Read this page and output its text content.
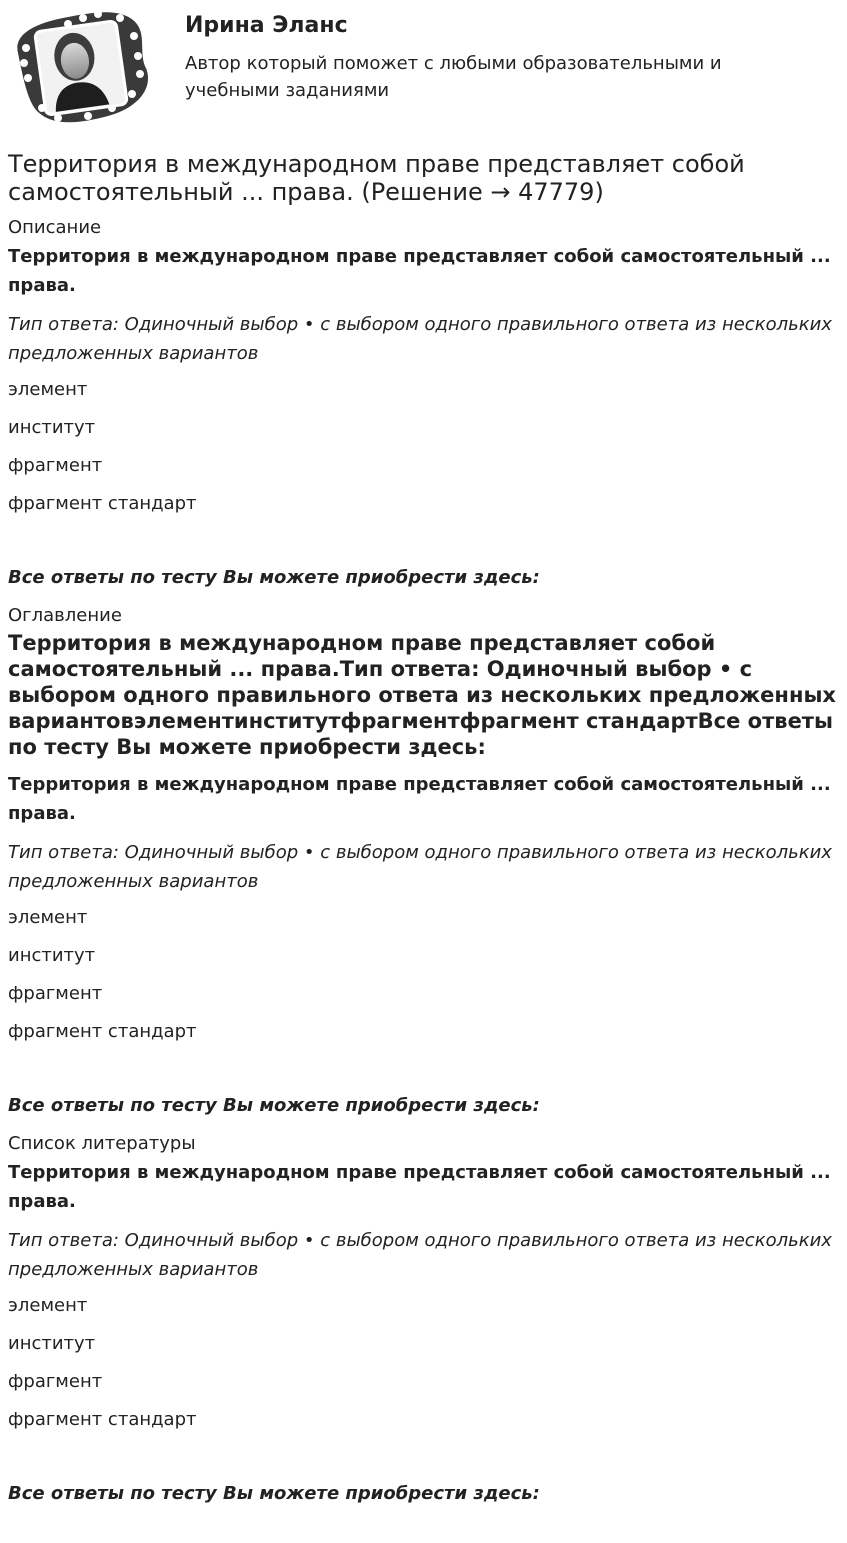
Ирина Эланс

Автор который поможет с любыми образовательными и учебными заданиями

Территория в международном праве представляет собой самостоятельный ... права. (Решение → 47779)

Описание

Территория в международном праве представляет собой самостоятельный ... права.

Тип ответа: Одиночный выбор • с выбором одного правильного ответа из нескольких предложенных вариантов

элемент

институт

фрагмент

фрагмент стандарт

Все ответы по тесту Вы можете приобрести здесь:

Оглавление

Территория в международном праве представляет собой самостоятельный ... права.Тип ответа: Одиночный выбор • с выбором одного правильного ответа из нескольких предложенных вариантовэлементинститутфрагментфрагмент стандартВсе ответы по тесту Вы можете приобрести здесь:

Территория в международном праве представляет собой самостоятельный ... права.

Тип ответа: Одиночный выбор • с выбором одного правильного ответа из нескольких предложенных вариантов

элемент

институт

фрагмент

фрагмент стандарт

Все ответы по тесту Вы можете приобрести здесь:

Список литературы

Территория в международном праве представляет собой самостоятельный ... права.

Тип ответа: Одиночный выбор • с выбором одного правильного ответа из нескольких предложенных вариантов

элемент

институт

фрагмент

фрагмент стандарт

Все ответы по тесту Вы можете приобрести здесь:
